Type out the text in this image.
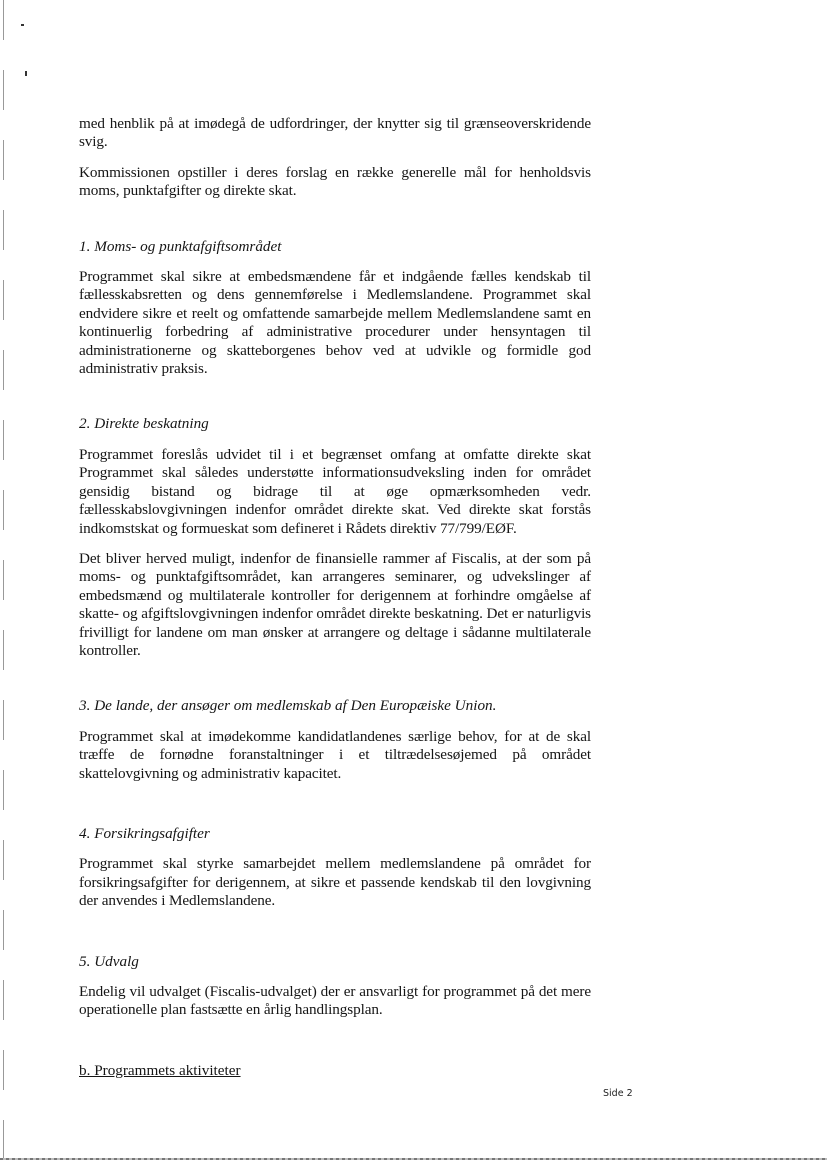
med henblik på at imødegå de udfordringer, der knytter sig til grænseoverskridende svig.

Kommissionen opstiller i deres forslag en række generelle mål for henholdsvis moms, punktafgifter og direkte skat.

1. Moms- og punktafgiftsområdet

Programmet skal sikre at embedsmændene får et indgående fælles kendskab til fællesskabsretten og dens gennemførelse i Medlemslandene. Programmet skal endvidere sikre et reelt og omfattende samarbejde mellem Medlemslandene samt en kontinuerlig forbedring af administrative procedurer under hensyntagen til administrationerne og skatteborgenes behov ved at udvikle og formidle god administrativ praksis.

2. Direkte beskatning

Programmet foreslås udvidet til i et begrænset omfang at omfatte direkte skat Programmet skal således understøtte informationsudveksling inden for området gensidig bistand og bidrage til at øge opmærksomheden vedr. fællesskabslovgivningen indenfor området direkte skat. Ved direkte skat forstås indkomstskat og formueskat som defineret i Rådets direktiv 77/799/EØF.

Det bliver herved muligt, indenfor de finansielle rammer af Fiscalis, at der som på moms- og punktafgiftsområdet, kan arrangeres seminarer, og udvekslinger af embedsmænd og multilaterale kontroller for derigennem at forhindre omgåelse af skatte- og afgiftslovgivningen indenfor området direkte beskatning. Det er naturligvis frivilligt for landene om man ønsker at arrangere og deltage i sådanne multilaterale kontroller.

3. De lande, der ansøger om medlemskab af Den Europæiske Union.

Programmet skal at imødekomme kandidatlandenes særlige behov, for at de skal træffe de fornødne foranstaltninger i et tiltrædelsesøjemed på området skattelovgivning og administrativ kapacitet.

4. Forsikringsafgifter

Programmet skal styrke samarbejdet mellem medlemslandene på området for forsikringsafgifter for derigennem, at sikre et passende kendskab til den lovgivning der anvendes i Medlemslandene.

5. Udvalg

Endelig vil udvalget (Fiscalis-udvalget) der er ansvarligt for programmet på det mere operationelle plan fastsætte en årlig handlingsplan.

b. Programmets aktiviteter

Side 2
